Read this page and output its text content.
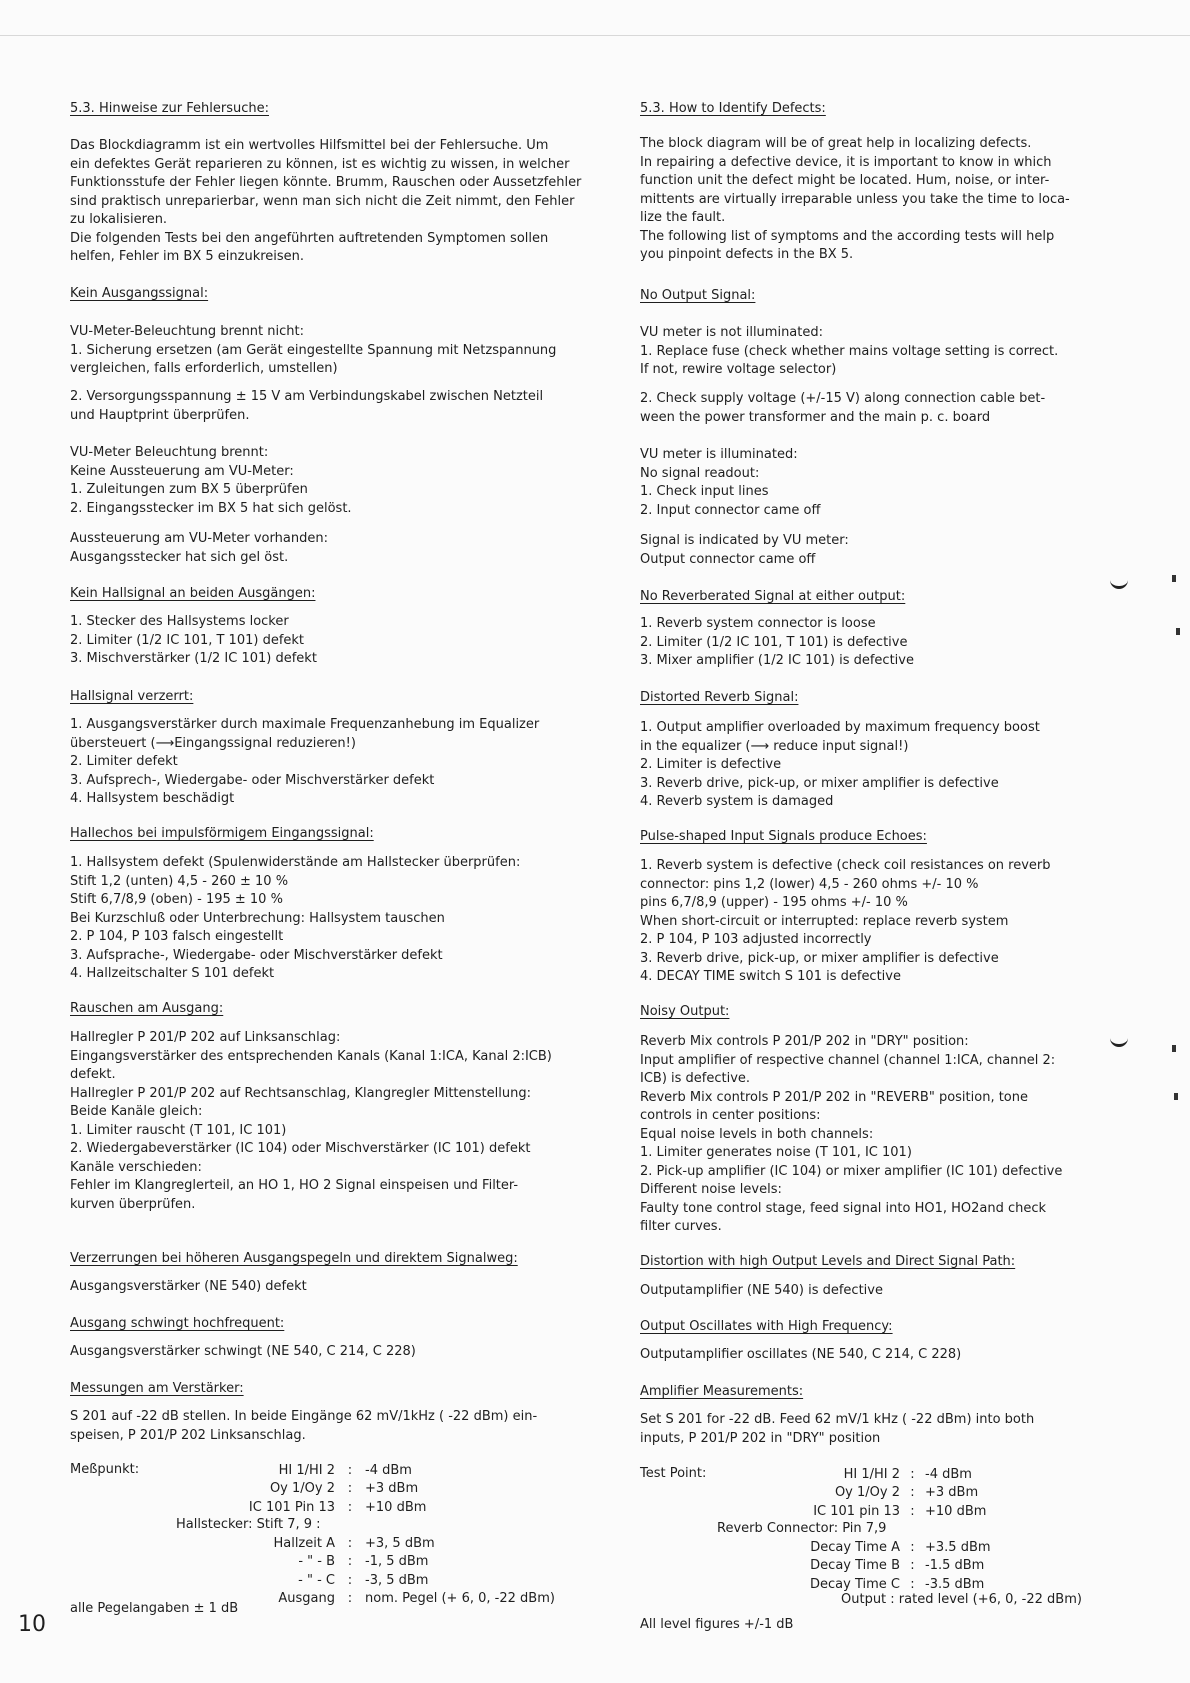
5.3. Hinweise zur Fehlersuche:

Das Blockdiagramm ist ein wertvolles Hilfsmittel bei der Fehlersuche. Um
ein defektes Gerät reparieren zu können, ist es wichtig zu wissen, in welcher
Funktionsstufe der Fehler liegen könnte. Brumm, Rauschen oder Aussetzfehler
sind praktisch unreparierbar, wenn man sich nicht die Zeit nimmt, den Fehler
zu lokalisieren.
Die folgenden Tests bei den angeführten auftretenden Symptomen sollen
helfen, Fehler im BX 5 einzukreisen.

Kein Ausgangssignal:

VU-Meter-Beleuchtung brennt nicht:
1. Sicherung ersetzen (am Gerät eingestellte Spannung mit Netzspannung
vergleichen, falls erforderlich, umstellen)
2. Versorgungsspannung ± 15 V am Verbindungskabel zwischen Netzteil
und Hauptprint überprüfen.
VU-Meter Beleuchtung brennt:
Keine Aussteuerung am VU-Meter:
1. Zuleitungen zum BX 5 überprüfen
2. Eingangsstecker im BX 5 hat sich gelöst.
Aussteuerung am VU-Meter vorhanden:
Ausgangsstecker hat sich gel öst.

Kein Hallsignal an beiden Ausgängen:

1. Stecker des Hallsystems locker
2. Limiter (1/2 IC 101, T 101) defekt
3. Mischverstärker (1/2 IC 101) defekt

Hallsignal verzerrt:

1. Ausgangsverstärker durch maximale Frequenzanhebung im Equalizer
übersteuert (⟶Eingangssignal reduzieren!)
2. Limiter defekt
3. Aufsprech-, Wiedergabe- oder Mischverstärker defekt
4. Hallsystem beschädigt

Hallechos bei impulsförmigem Eingangssignal:

1. Hallsystem defekt (Spulenwiderstände am Hallstecker überprüfen:
Stift 1,2 (unten) 4,5 - 260 ± 10 %
Stift 6,7/8,9 (oben) - 195 ± 10 %
Bei Kurzschluß oder Unterbrechung: Hallsystem tauschen
2. P 104, P 103 falsch eingestellt
3. Aufsprache-, Wiedergabe- oder Mischverstärker defekt
4. Hallzeitschalter S 101 defekt

Rauschen am Ausgang:

Hallregler P 201/P 202 auf Linksanschlag:
Eingangsverstärker des entsprechenden Kanals (Kanal 1:ICA, Kanal 2:ICB)
defekt.
Hallregler P 201/P 202 auf Rechtsanschlag, Klangregler Mittenstellung:
Beide Kanäle gleich:
1. Limiter rauscht (T 101, IC 101)
2. Wiedergabeverstärker (IC 104) oder Mischverstärker (IC 101) defekt
Kanäle verschieden:
Fehler im Klangreglerteil, an HO 1, HO 2 Signal einspeisen und Filter-
kurven überprüfen.

Verzerrungen bei höheren Ausgangspegeln und direktem Signalweg:

Ausgangsverstärker (NE 540) defekt

Ausgang schwingt hochfrequent:

Ausgangsverstärker schwingt (NE 540, C 214, C 228)

Messungen am Verstärker:

S 201 auf -22 dB stellen. In beide Eingänge 62 mV/1kHz ( -22 dBm) ein-
speisen, P 201/P 202 Linksanschlag.

Meßpunkt:	HI 1/HI 2 : -4 dBm
Oy 1/Oy 2 : +3 dBm
IC 101 Pin 13 : +10 dBm

Hallstecker: Stift 7, 9 :

Hallzeit A : +3, 5 dBm
- " - B : -1, 5 dBm
- " - C : -3, 5 dBm
Ausgang : nom. Pegel (+ 6, 0, -22 dBm)

alle Pegelangaben ± 1 dB

5.3. How to Identify Defects:

The block diagram will be of great help in localizing defects.
In repairing a defective device, it is important to know in which
function unit the defect might be located. Hum, noise, or inter-
mittents are virtually irreparable unless you take the time to loca-
lize the fault.
The following list of symptoms and the according tests will help
you pinpoint defects in the BX 5.

No Output Signal:

VU meter is not illuminated:
1. Replace fuse (check whether mains voltage setting is correct.
If not, rewire voltage selector)
2. Check supply voltage (+/-15 V) along connection cable bet-
ween the power transformer and the main p. c. board
VU meter is illuminated:
No signal readout:
1. Check input lines
2. Input connector came off
Signal is indicated by VU meter:
Output connector came off

No Reverberated Signal at either output:

1. Reverb system connector is loose
2. Limiter (1/2 IC 101, T 101) is defective
3. Mixer amplifier (1/2 IC 101) is defective

Distorted Reverb Signal:

1. Output amplifier overloaded by maximum frequency boost
in the equalizer (⟶ reduce input signal!)
2. Limiter is defective
3. Reverb drive, pick-up, or mixer amplifier is defective
4. Reverb system is damaged

Pulse-shaped Input Signals produce Echoes:

1. Reverb system is defective (check coil resistances on reverb
connector: pins 1,2 (lower) 4,5 - 260 ohms +/- 10 %
pins 6,7/8,9 (upper) - 195 ohms +/- 10 %
When short-circuit or interrupted: replace reverb system
2. P 104, P 103 adjusted incorrectly
3. Reverb drive, pick-up, or mixer amplifier is defective
4. DECAY TIME switch S 101 is defective

Noisy Output:

Reverb Mix controls P 201/P 202 in "DRY" position:
Input amplifier of respective channel (channel 1:ICA, channel 2:
ICB) is defective.
Reverb Mix controls P 201/P 202 in "REVERB" position, tone
controls in center positions:
Equal noise levels in both channels:
1. Limiter generates noise (T 101, IC 101)
2. Pick-up amplifier (IC 104) or mixer amplifier (IC 101) defective
Different noise levels:
Faulty tone control stage, feed signal into HO1, HO2and check
filter curves.

Distortion with high Output Levels and Direct Signal Path:

Outputamplifier (NE 540) is defective

Output Oscillates with High Frequency:

Outputamplifier oscillates (NE 540, C 214, C 228)

Amplifier Measurements:

Set S 201 for -22 dB. Feed 62 mV/1 kHz ( -22 dBm) into both
inputs, P 201/P 202 in "DRY" position

Test Point:	HI 1/HI 2 : -4 dBm
Oy 1/Oy 2 : +3 dBm
IC 101 pin 13 : +10 dBm

Reverb Connector: Pin 7,9

Decay Time A : +3.5 dBm
Decay Time B : -1.5 dBm
Decay Time C : -3.5 dBm

Output : rated level (+6, 0, -22 dBm)

All level figures +/-1 dB

10
